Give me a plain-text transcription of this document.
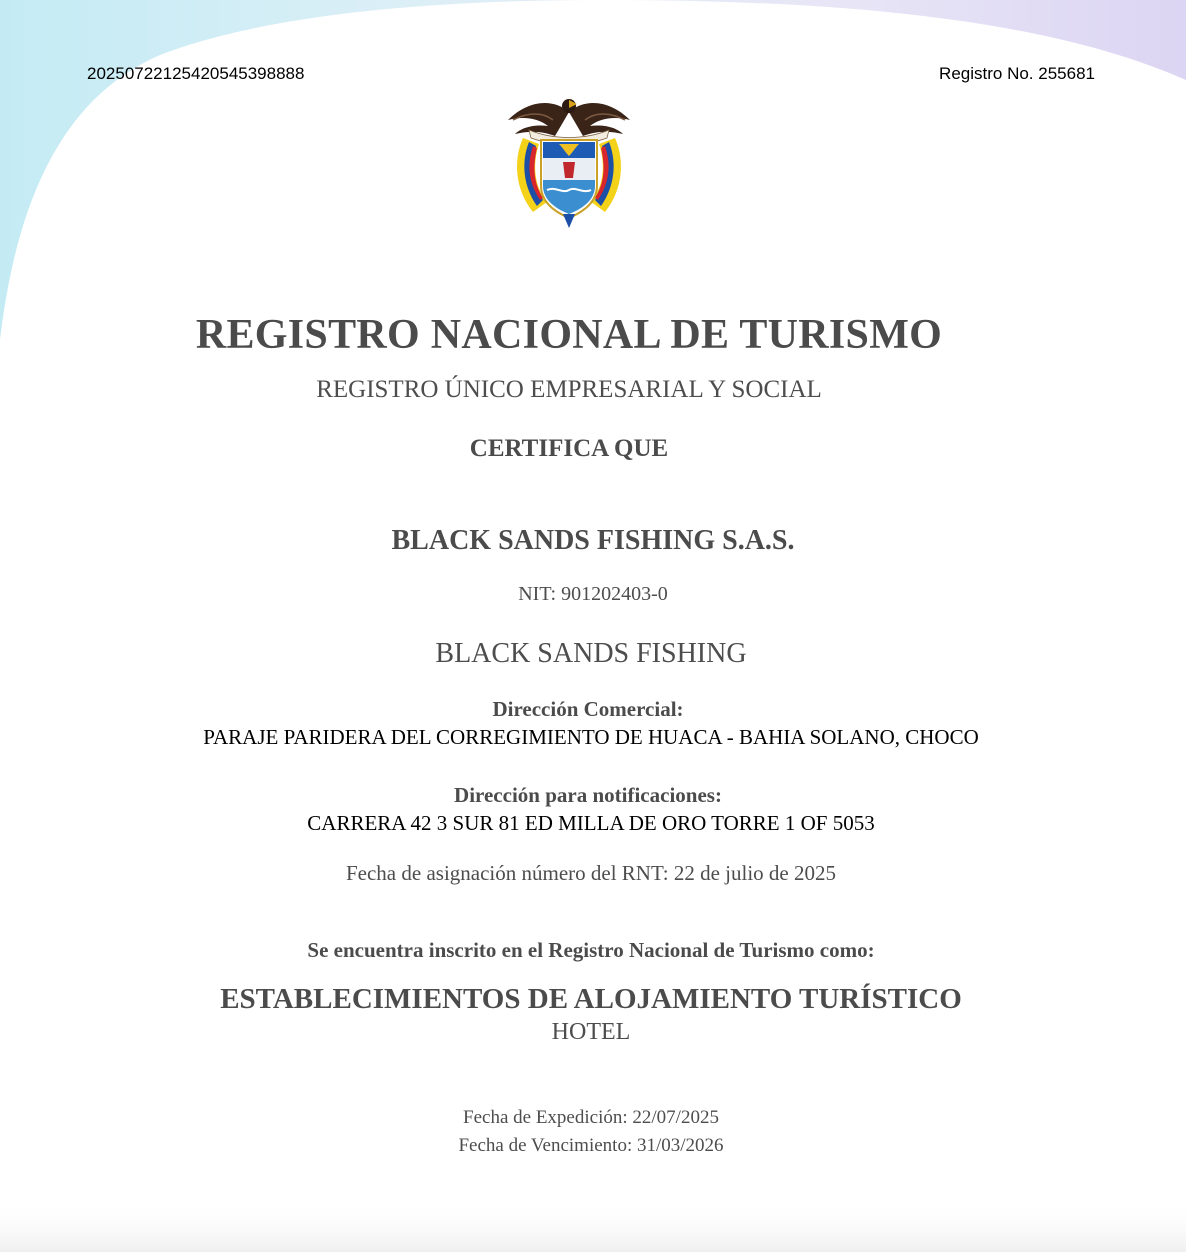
20250722125420545398888	Registro No. 255681
REGISTRO NACIONAL DE TURISMO
REGISTRO ÚNICO EMPRESARIAL Y SOCIAL
CERTIFICA QUE
BLACK SANDS FISHING S.A.S.
NIT: 901202403-0
BLACK SANDS FISHING
Dirección Comercial:
PARAJE PARIDERA DEL CORREGIMIENTO DE HUACA - BAHIA SOLANO, CHOCO
Dirección para notificaciones:
CARRERA 42 3 SUR 81 ED MILLA DE ORO TORRE 1 OF 5053
Fecha de asignación número del RNT: 22 de julio de 2025
Se encuentra inscrito en el Registro Nacional de Turismo como:
ESTABLECIMIENTOS DE ALOJAMIENTO TURÍSTICO
HOTEL
Fecha de Expedición: 22/07/2025
Fecha de Vencimiento: 31/03/2026
